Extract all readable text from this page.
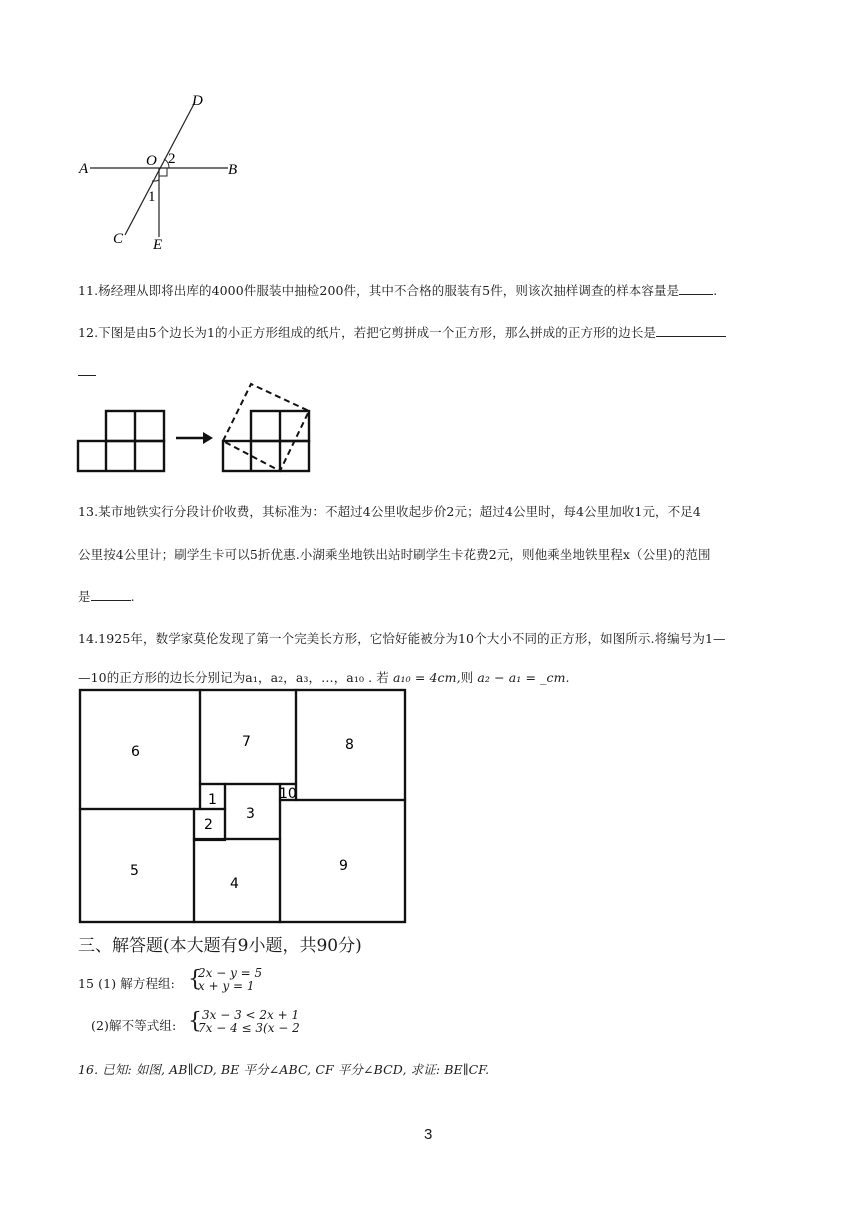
D
A	O 2
B
1
C E
11.杨经理从即将出库的4000件服装中抽检200件，其中不合格的服装有5件，则该次抽样调查的样本容量是	.
12.下图是由5个边长为1的小正方形组成的纸片，若把它剪拼成一个正方形，那么拼成的正方形的边长是
13.某市地铁实行分段计价收费，其标准为：不超过4公里收起步价2元；超过4公里时，每4公里加收1元，不足4
公里按4公里计；刷学生卡可以5折优惠.小湖乘坐地铁出站时刷学生卡花费2元，则他乘坐地铁里程x（公里)的范围
是	.
14.1925年，数学家莫伦发现了第一个完美长方形，它恰好能被分为10个大小不同的正方形，如图所示.将编号为1—
—10的正方形的边长分别记为a₁，a₂，a₃，…，a₁₀ . 若 a₁₀ = 4cm,则 a₂ − a₁ = _cm.
6
7	8
1
3
10
2
5
4
9
三、解答题(本大题有9小题，共90分)
15 (1) 解方程组: {
2x − y = 5
x + y = 1
(2)解不等式组: { 3x − 3 < 2x + 1
7x − 4 ≤ 3(x − 2
16. 已知: 如图, AB∥CD, BE 平分∠ABC, CF 平分∠BCD, 求证: BE∥CF.
3
